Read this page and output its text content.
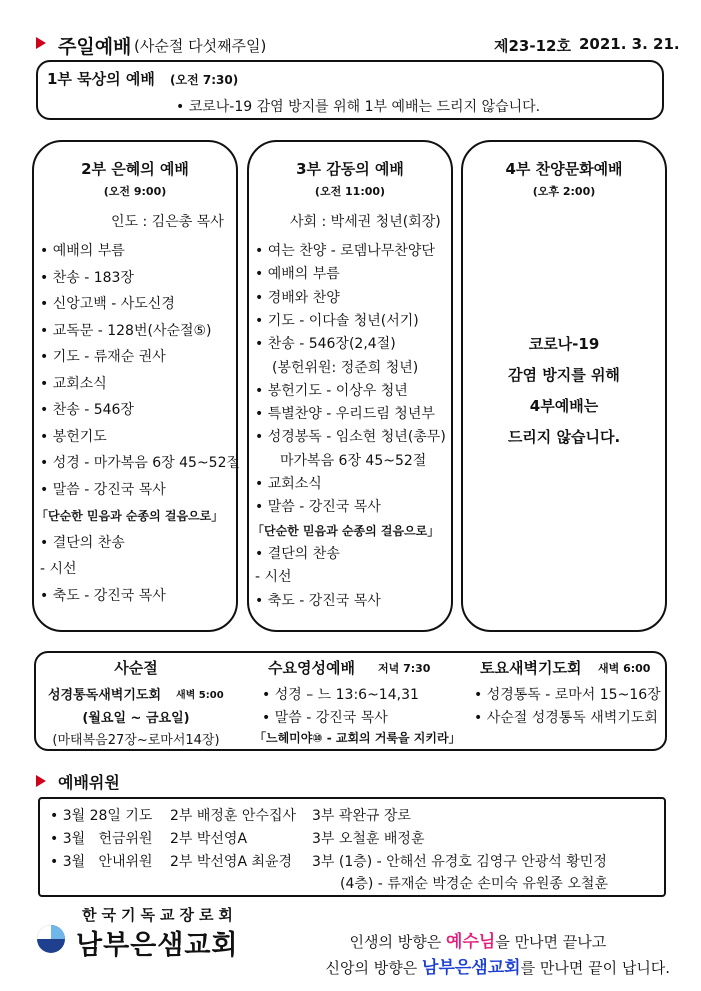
주일예배 (사순절 다섯째주일)	제23-12호 2021. 3. 21.
1부 묵상의 예배 (오전 7:30)
• 코로나-19 감염 방지를 위해 1부 예배는 드리지 않습니다.
2부 은혜의 예배
(오전 9:00)
인도 : 김은총 목사
• 예배의 부름
• 찬송 - 183장
• 신앙고백 - 사도신경
• 교독문 - 128번(사순절⑤)
• 기도 - 류재순 권사
• 교회소식
• 찬송 - 546장
• 봉헌기도
• 성경 - 마가복음 6장 45~52절
• 말씀 - 강진국 목사
「단순한 믿음과 순종의 걸음으로」
• 결단의 찬송
- 시선
• 축도 - 강진국 목사
3부 감동의 예배
(오전 11:00)
사회 : 박세권 청년(회장)
• 여는 찬양 - 로뎀나무찬양단
• 예배의 부름
• 경배와 찬양
• 기도 - 이다솔 청년(서기)
• 찬송 - 546장(2,4절)
(봉헌위원: 정준희 청년)
• 봉헌기도 - 이상우 청년
• 특별찬양 - 우리드림 청년부
• 성경봉독 - 임소현 청년(총무)
마가복음 6장 45~52절
• 교회소식
• 말씀 - 강진국 목사
「단순한 믿음과 순종의 걸음으로」
• 결단의 찬송
- 시선
• 축도 - 강진국 목사
4부 찬양문화예배
(오후 2:00)
코로나-19
감염 방지를 위해
4부예배는
드리지 않습니다.
사순절
성경통독새벽기도회 새벽 5:00
(월요일 ~ 금요일)
(마태복음27장~로마서14장)
수요영성예배 저녁 7:30
• 성경 – 느 13:6~14,31
• 말씀 - 강진국 목사
「느헤미야⑩ - 교회의 거룩을 지키라」
토요새벽기도회 새벽 6:00
• 성경통독 - 로마서 15~16장
• 사순절 성경통독 새벽기도회
예배위원
• 3월 28일 기도 2부 배정훈 안수집사 3부 곽완규 장로
• 3월   헌금위원 2부 박선영A	3부 오철훈 배정훈
• 3월   안내위원 2부 박선영A 최윤경 3부 (1층) - 안해선 유경호 김영구 안광석 황민정
(4층) - 류재순 박경순 손미숙 유원종 오철훈
한국기독교장로회
남부은샘교회	인생의 방향은 예수님을 만나면 끝나고

신앙의 방향은 남부은샘교회를 만나면 끝이 납니다.
